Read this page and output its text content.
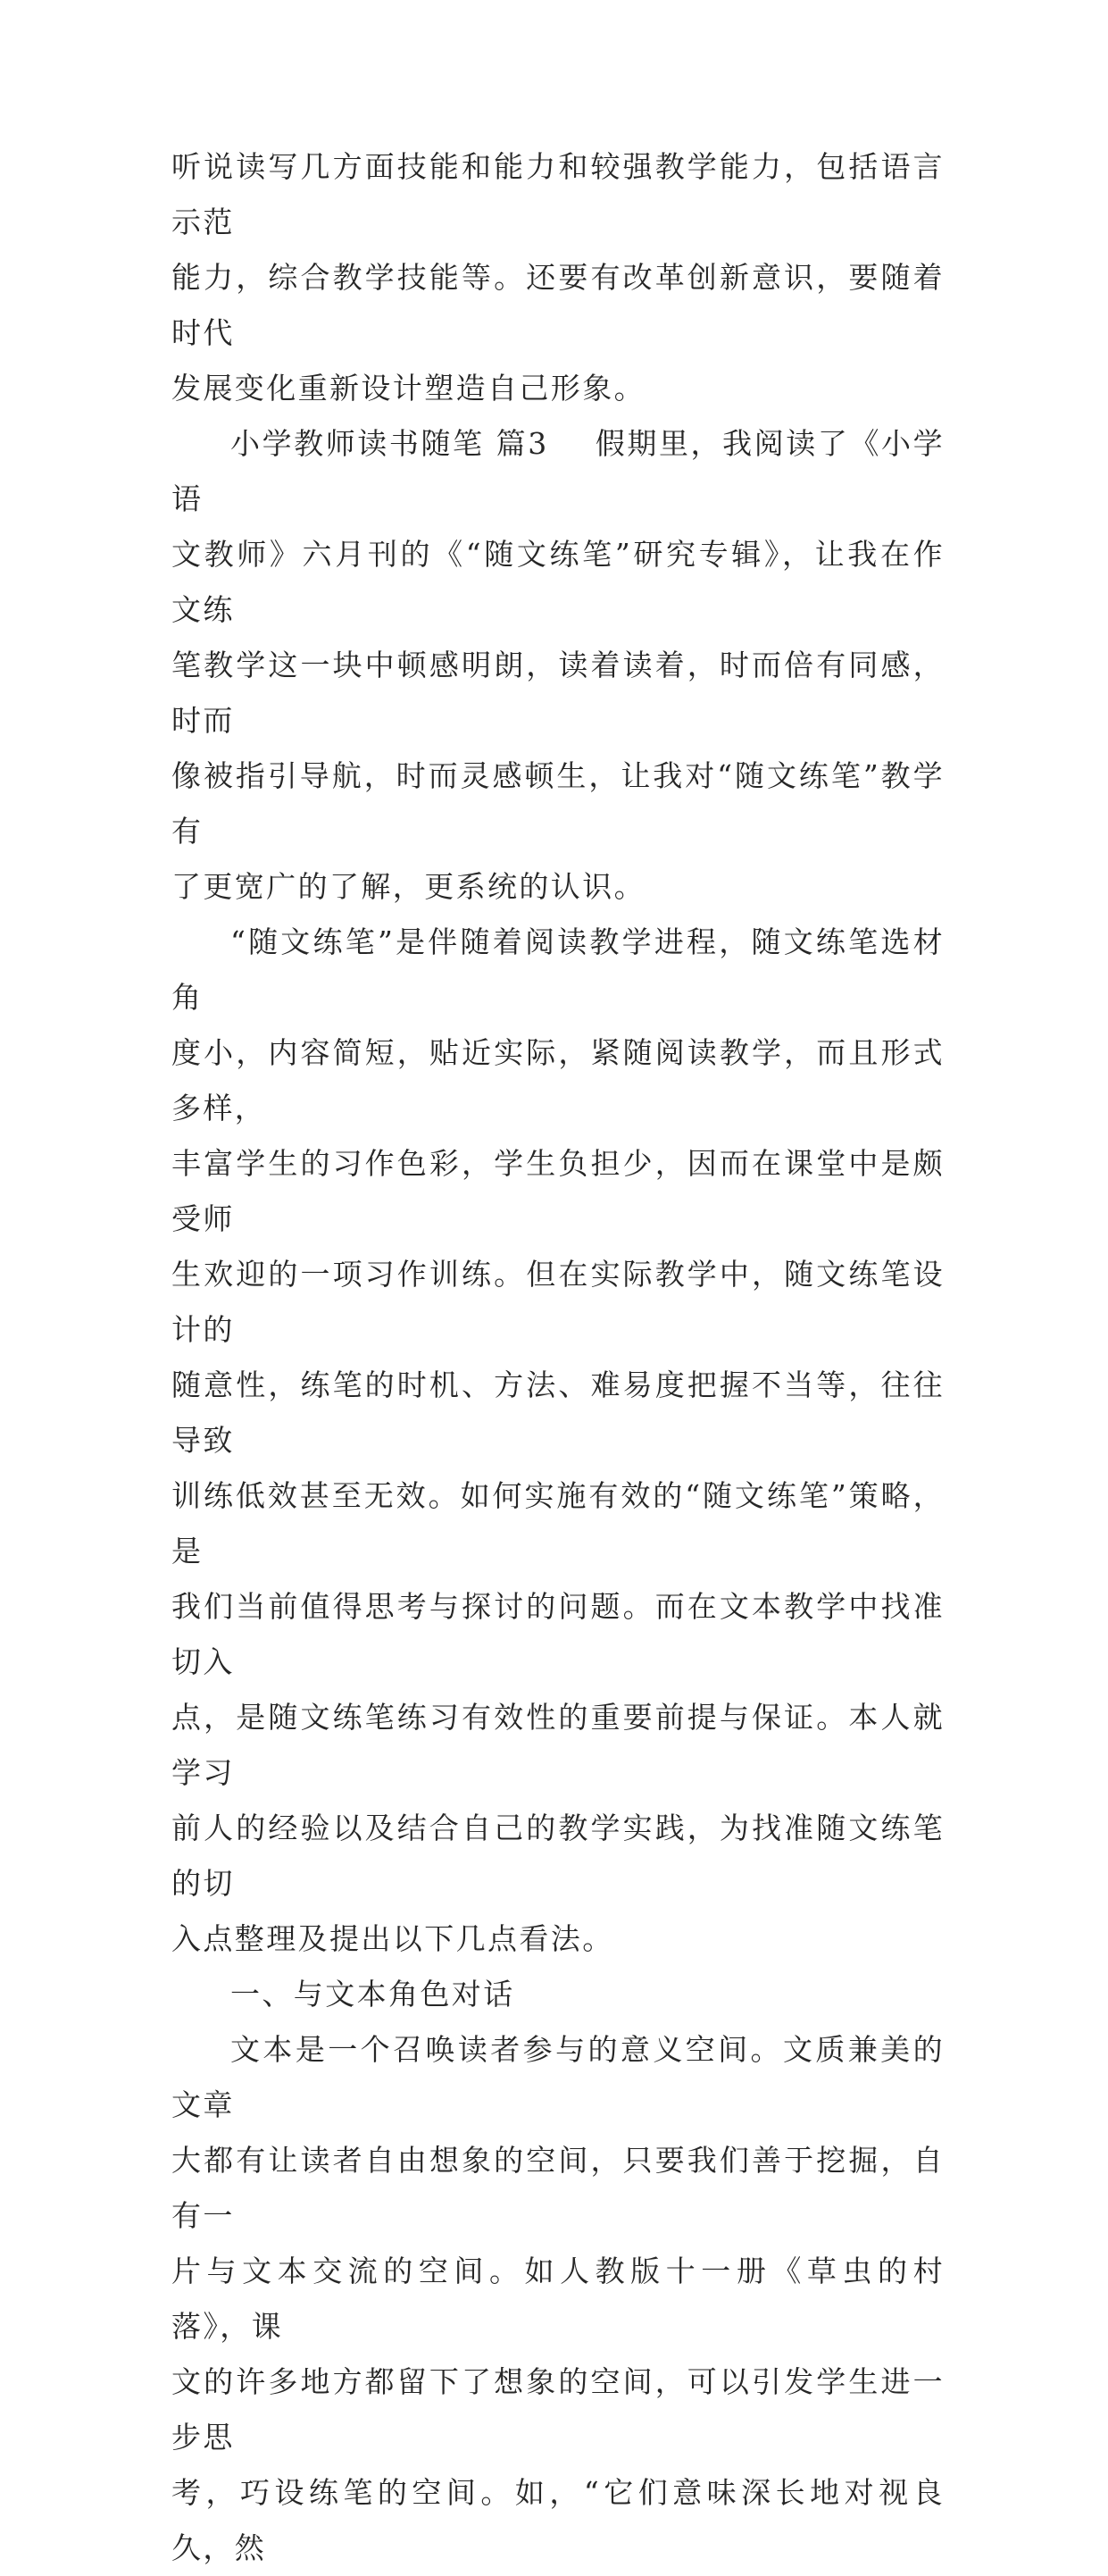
听说读写几方面技能和能力和较强教学能力，包括语言示范
能力，综合教学技能等。还要有改革创新意识，要随着时代
发展变化重新设计塑造自己形象。

小学教师读书随笔 篇3 假期里，我阅读了《小学语
文教师》六月刊的《“随文练笔”研究专辑》，让我在作文练
笔教学这一块中顿感明朗，读着读着，时而倍有同感，时而
像被指引导航，时而灵感顿生，让我对“随文练笔”教学有
了更宽广的了解，更系统的认识。

“随文练笔”是伴随着阅读教学进程，随文练笔选材角
度小，内容简短，贴近实际，紧随阅读教学，而且形式多样，
丰富学生的习作色彩，学生负担少，因而在课堂中是颇受师
生欢迎的一项习作训练。但在实际教学中，随文练笔设计的
随意性，练笔的时机、方法、难易度把握不当等，往往导致
训练低效甚至无效。如何实施有效的“随文练笔”策略，是
我们当前值得思考与探讨的问题。而在文本教学中找准切入
点，是随文练笔练习有效性的重要前提与保证。本人就学习
前人的经验以及结合自己的教学实践，为找准随文练笔的切
入点整理及提出以下几点看法。

一、与文本角色对话

文本是一个召唤读者参与的意义空间。文质兼美的文章
大都有让读者自由想象的空间，只要我们善于挖掘，自有一
片与文本交流的空间。如人教版十一册《草虫的村落》，课
文的许多地方都留下了想象的空间，可以引发学生进一步思
考，巧设练笔的空间。如，“它们意味深长地对视良久，然
